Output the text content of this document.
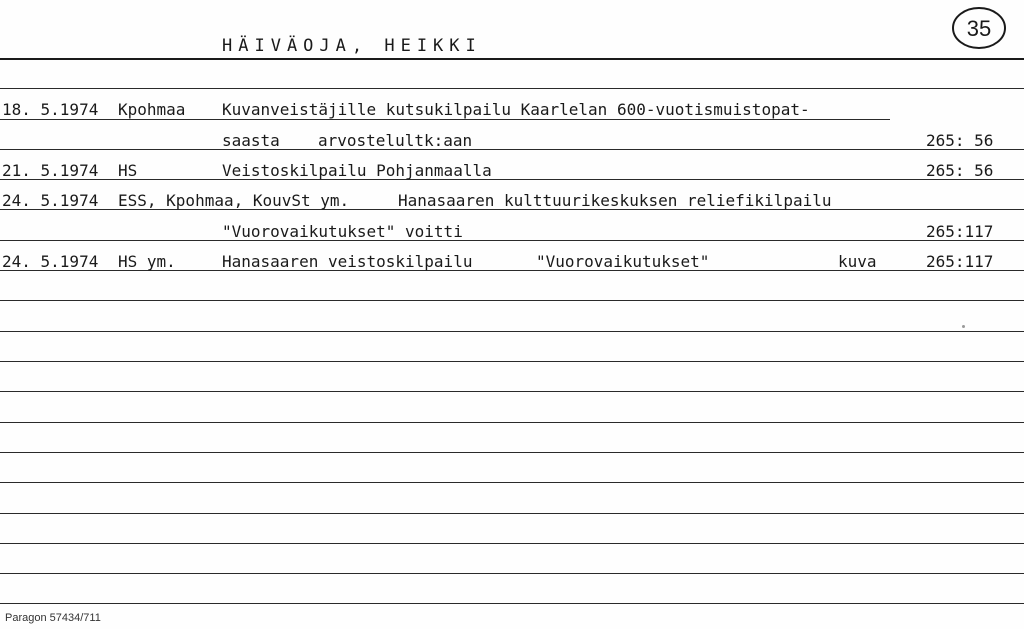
HÄIVÄOJA, HEIKKI
35
18. 5.1974 Kpohmaa Kuvanveistäjille kutsukilpailu Kaarlelan 600-vuotismuistopat-
saasta arvostelultk:aan	265: 56
21. 5.1974 HS	Veistoskilpailu Pohjanmaalla	265: 56
24. 5.1974 ESS, Kpohmaa, KouvSt ym.	Hanasaaren kulttuurikeskuksen reliefikilpailu
"Vuorovaikutukset" voitti	265:117
24. 5.1974 HS ym.	Hanasaaren veistoskilpailu	"Vuorovaikutukset"	kuva	265:117
Paragon 57434/711
